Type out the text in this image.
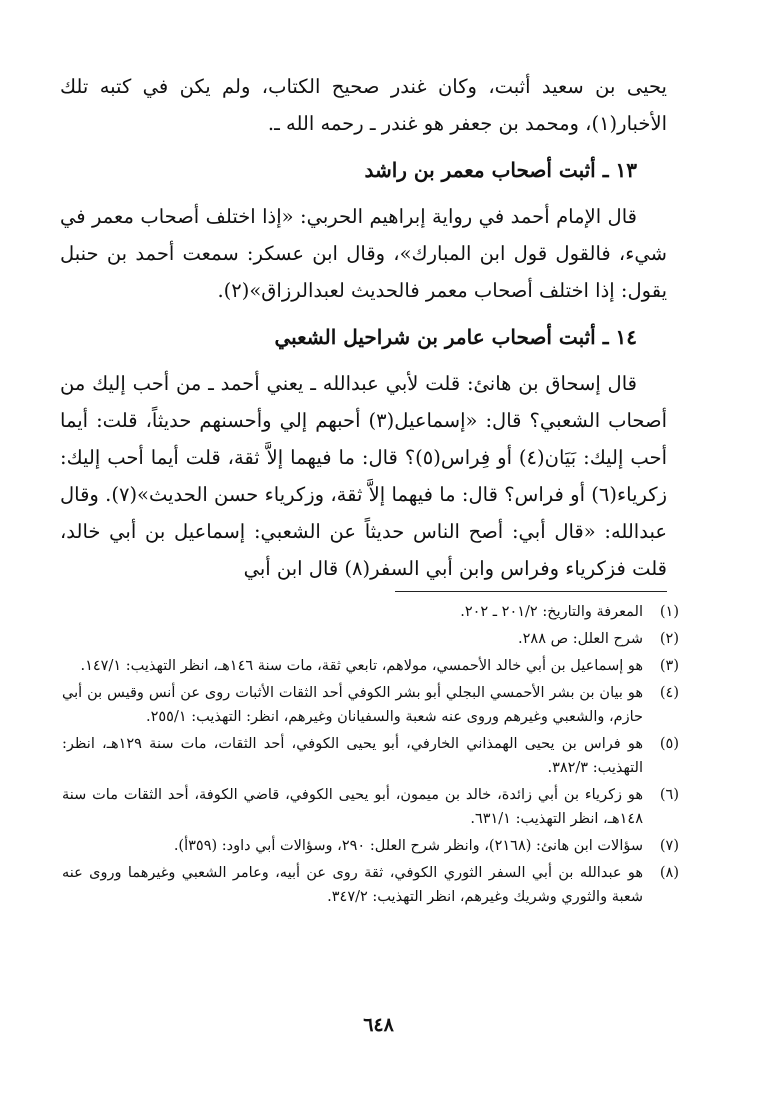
يحيى بن سعيد أثبت، وكان غندر صحيح الكتاب، ولم يكن في كتبه تلك الأخبار(١)، ومحمد بن جعفر هو غندر ـ رحمه الله ـ.

١٣ ـ أثبت أصحاب معمر بن راشد

قال الإمام أحمد في رواية إبراهيم الحربي: «إذا اختلف أصحاب معمر في شيء، فالقول قول ابن المبارك»، وقال ابن عسكر: سمعت أحمد بن حنبل يقول: إذا اختلف أصحاب معمر فالحديث لعبدالرزاق»(٢).

١٤ ـ أثبت أصحاب عامر بن شراحيل الشعبي

قال إسحاق بن هانئ: قلت لأبي عبدالله ـ يعني أحمد ـ من أحب إليك من أصحاب الشعبي؟ قال: «إسماعيل(٣) أحبهم إلي وأحسنهم حديثاً، قلت: أيما أحب إليك: بَيَان(٤) أو فِراس(٥)؟ قال: ما فيهما إلاَّ ثقة، قلت أيما أحب إليك: زكرياء(٦) أو فراس؟ قال: ما فيهما إلاَّ ثقة، وزكرياء حسن الحديث»(٧). وقال عبدالله: «قال أبي: أصح الناس حديثاً عن الشعبي: إسماعيل بن أبي خالد، قلت فزكرياء وفراس وابن أبي السفر(٨) قال ابن أبي

(١)
المعرفة والتاريخ: ٢٠١/٢ ـ ٢٠٢.
(٢)
شرح العلل: ص ٢٨٨.
(٣)
هو إسماعيل بن أبي خالد الأحمسي، مولاهم، تابعي ثقة، مات سنة ١٤٦هـ، انظر التهذيب: ١٤٧/١.
(٤)
هو بيان بن بشر الأحمسي البجلي أبو بشر الكوفي أحد الثقات الأثبات روى عن أنس وقيس بن أبي حازم، والشعبي وغيرهم وروى عنه شعبة والسفيانان وغيرهم، انظر: التهذيب: ٢٥٥/١.
(٥)
هو فراس بن يحيى الهمذاني الخارفي، أبو يحيى الكوفي، أحد الثقات، مات سنة ١٢٩هـ، انظر: التهذيب: ٣٨٢/٣.
(٦)
هو زكرياء بن أبي زائدة، خالد بن ميمون، أبو يحيى الكوفي، قاضي الكوفة، أحد الثقات مات سنة ١٤٨هـ، انظر التهذيب: ٦٣١/١.
(٧)
سؤالات ابن هانئ: (٢١٦٨)، وانظر شرح العلل: ٢٩٠، وسؤالات أبي داود: (٣٥٩أ).
(٨)
هو عبدالله بن أبي السفر الثوري الكوفي، ثقة روى عن أبيه، وعامر الشعبي وغيرهما وروى عنه شعبة والثوري وشريك وغيرهم، انظر التهذيب: ٣٤٧/٢.
٦٤٨
